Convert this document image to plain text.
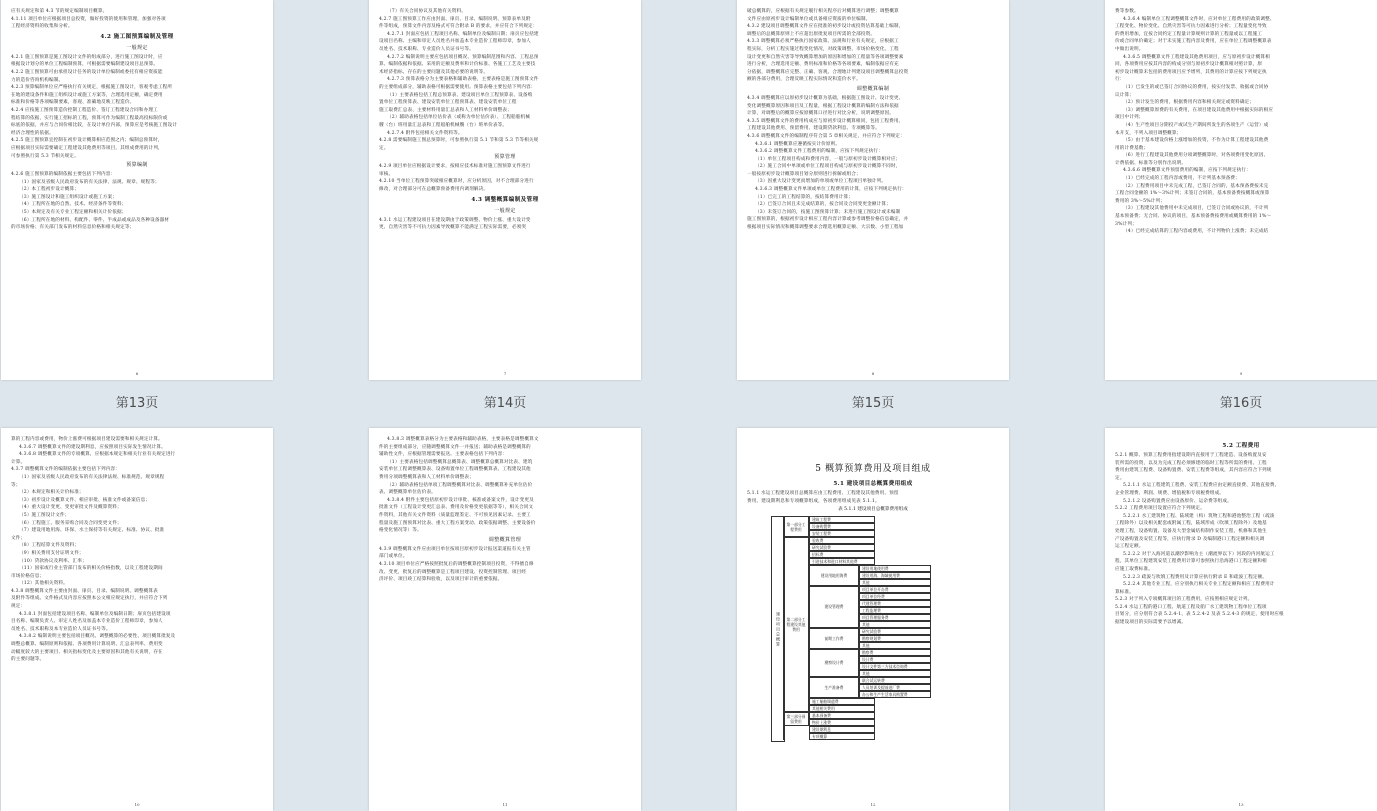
应有关规定和第 4.3 节的规定编制项目概算。
4.1.11 项目单位应根据项目总投资，做好投资的使用和管理，加强对各项
工程经济资料的收集和分析。
4.2 施工图预算编制及管理
一般规定
4.2.1 施工图预算是施工图设计文件的组成部分，进行施工图设计时，应
根据设计划分的单位工程编制预算，可根据需要编制建设项目总预算。
4.2.2 施工图预算可由承担设计任务的设计单位编制或委托有相应资质能
力的造价咨询机构编制。
4.2.3 预算编制单位应严格执行有关规定，根据施工图设计，客观考虑工程所
在地的建设条件和施工组织设计或施工方案等，合理选用定额，确定费用
标准和价格等各项编制要素，客观、准确地反映工程造价。
4.2.4 应按施工图预算造价控制工程造价、签订工程建设合同和办理工
程结算的依据，实行施工招标的工程，预算可作为编制工程最高投标限价或
标底的依据，并应与合同价相比较，在设计单位内部，预算应是考核施工图设计
经济合理性的依据。
4.2.5 施工图预算宜控制在初步设计概算相应范围之内；编制总预算时，
应根据项目实际需要确定工程建设其他费用等项目，其组成费用的计列，
可参照执行第 5.3 节相关规定。
预算编制
4.2.6 施工图预算的编制依据主要包括下列内容：
（1）国家及省级人民政府发布的有关法律、法规、规章、规程等；
（2）本工程初步设计概算；
（3）施工图设计和施工组织设计或施工方案；
（4）工程所在地的自然、技术、经济条件等资料；
（5）本规定及有关专业工程定额和相关计价依据；
（6）工程所在地的材料、构配件、零件、半成品或成品及各种设备器材
的市场价格；有关部门发布的材料信息价格和相关规定等；
6
第13页
（7）有关合同协议及其他有关资料。
4.2.7 施工图预算工作应由封面、扉页、目录、编制说明、预算表单及附
件等组成，预算文件内容及格式可符合附录 B 的要求，并应符合下列规定：
4.2.7.1 封面应包括工程项目名称、编制单位及编制日期；扉页应包括建
设项目名称、主编和审定人员姓名并加盖本专业造价工程师印章，参加人
员姓名、技术职称、专业造价人员证书号等。
4.2.7.2 编制说明主要应包括项目概况、预算编制范围和内容、工程总预
算、编制依据和依据、采用的定额及费率和计价标准、各施工工艺及主要技
术经济指标、存在的主要问题及其他必要的说明等。
4.2.7.3 预算表格分为主要表格和辅助表格，主要表格是施工图预算文件
的主要组成部分，辅助表格可根据需要使用。预算表格主要包括下列内容：
（1）主要表格包括工程总预算表、建设项目单位工程预算表、设备购
置单位工程预算表、建设安装单位工程预算表、建设安装单位工程
施工取费汇总表、主要材料用量汇总表和人工材料单价调整表；
（2）辅助表格包括单位估价表（或称为单位估价表）、工程船舶机械
艘（台）班用量汇总表和工程船舶机械艘（台）班单价表等。
4.2.7.4 附件包括相关文件资料等。
4.2.8 需要编制施工图总预算时，可参照执行第 5.1 节和第 5.3 节等相关规
定。
预算管理
4.2.9 项目单位应根据设计要求，按相应技术标准对施工图预算文件进行
审核。
4.2.10 当单位工程预算突破相应概算时，应分析原因，对不合理部分进行
修改，对合理部分可在总概算预备费用内调剂解决。
4.3 调整概算编制及管理
一般规定
4.3.1 水运工程建设项目在建设期由于政策调整、物价上涨、重大设计变
更、自然灾害等不可抗力因素导致概算不能满足工程实际需要，必须突
7
第14页
破总概算的，应根据有关规定履行相关程序后对概算进行调整；调整概算
文件应由原初步设计编制单位或具备相应资质的单位编制。
4.3.2 建设项目调整概算文件应在批准的初步设计或投资估算基础上编制，
调整后的总概算原则上不应超出原批复项目所需的全部投资。
4.3.3 调整概算必须严格执行国家政策、法规和行业有关规定，应根据工
程实际，分析工程实施过程变化情况，对政策调整、市场价格变化、工程
设计变更和自然灾害等导致概算增加的原因和增加的工程量等各项调整要素
进行分析，合理选用定额、费用标准和价格等各项要素，编制依据应有充
分依据，调整概算应完整、正确、客观、合理地计列建设项目调整概算总投资
额的各部分费用，合理反映工程实际情况和造价水平。
调整概算编制
4.3.4 调整概算应以原初步设计概算为基础，根据施工图设计、设计变更、
变化调整概算原因和项目及工程量，根据工程设计概算的编制方法和依据
计算，对调整后的概算应按原概算口径进行对比分析，说明调整原因。
4.3.5 调整概算文件的费用构成应与原初步设计概算相同，包括工程费用、
工程建设其他费用、预留费用、建设期贷款利息、专项概算等。
4.3.6 调整概算文件的编制程序符合第 5 章相关规定，并应符合下列规定：
4.3.6.1 调整概算应遵循按实计价原则。
4.3.6.2 调整概算文件工程费用的编制，应按下列规定执行：
（1）单位工程项目构成和费用内容，一般与原初步设计概算相对应；
（2）施工合同中单项或单位工程项目构成与原初步设计概算不同时，
一般按原初步设计概算项目划分原则进行拆解或组合；
（3）因重大设计变更而增加的单项或单位工程项目单独计列。
4.3.6.3 调整概算文件单项或单位工程费用的计算，应按下列规定执行：
（1）已完工的工程结算的，按结算费用计算；
（2）已签订合同且未完成结算的，按合同及合同变更金额计算；
（3）未签订合同的，按施工图预算计算；未进行施工图设计或未编制
施工图预算的，根据初步设计相应工程内容计算或参考调整价格信息确定，并
根据项目实际情况和概算调整要求合理选用概算定额、大宗数、小型工程加
8
第15页
费等参数。
4.3.6.4 编制单位工程调整概算文件时，应对单位工程费用的政策调整、
工程变化、物价变化、自然灾害等可抗力因素进行分析；工程量变化导致
的费用增加，宜按合同约定工程量计算规则计算的工程量或以工程施工
价或合同单价确定；对于未实施工程内容及费用，应在单位工程调整概算表
中做出说明。
4.3.6.5 调整概算文件工程建设其他费用项目，应与原初步设计概算相
同，各项费用应按其内容的构成分别与原初步设计概算相对照计算，原
初步设计概算未包括的费用项目应予增列，其费用的计算应按下列规定执
行：
（1）已发生的或已签订合同协议的费用，按实付发票、收据或合同协
议计算；
（2）预计发生的费用，根据费用内容和相关规定或资料确定；
（3）调整概算原费的有关费用，在项目建设其他费用中根据实际的相应
项目中计列；
（4）生产性项目分期投产或试生产期间所发生的各项生产（运营）成
本开支，不列入项目调整概算；
（5）由于基本建设价格上涨增加的投资，不作为计算工程建设其他费
用的计费基数；
（6）进行工程建设其他费用分项调整概算时，对各项费用变化原因、
计费依据、标准等分别作出说明。
4.3.6.6 调整概算文件预留费用的编制，应按下列规定执行：
（1）已经完成的工程内容或费用，不计列基本预备费；
（2）工程费用项目中未完成工程，已签订合同的，基本预备费按未完
工程合同金额的 1%～3%计列；未签订合同的，基本预备费按概算或预算
费用的 3%～5%计列；
（3）工程建设其他费用中未完成项目，已签订合同或协议的，不计列
基本预备费；无合同、协议的项目，基本预备费按费用或概算费用的 1%～
3%计列；
（4）已经完成结算的工程内容或费用，不计列物价上涨费；未完成结
9
第16页
算的工程内容或费用，物价上涨费可根据项目建设需要和相关规定计算。
4.3.6.7 调整概算文件的建设期利息，应按照项目实际发生情况计算。
4.3.6.8 调整概算文件的专项概算，应根据本规定和相关行业有关规定进行
计算。
4.3.7 调整概算文件的编制依据主要包括下列内容：
（1）国家及省级人民政府发布的有关法律法规、标准规范、规章规程
等；
（2）本规定和相关计价标准；
（3）初步设计及概算文件、相应审批、核准文件或备案信息；
（4）重大设计变更、变更审批文件及概算资料；
（5）施工图设计文件；
（6）工程施工、服务采购合同及合同变更文件；
（7）建设用地用海、环保、水土保持等有关规定、标准、协议、批准
文件；
（8）工程结算文件及资料；
（9）相关费用支付证明文件；
（10）贷款协议及利率、汇率；
（11）国家或行业主管部门发布的相关价格指数，以及工程建设期间
市场价格信息；
（12）其他相关资料。
4.3.8 调整概算文件主要由封面、扉页、目录、编制说明、调整概算表
及附件等组成。文件格式及内容应按照本公文相应规定执行，并应符合下列
规定：
4.3.8.1 封面包括建设项目名称、编制单位及编制日期；扉页包括建设项
目名称、编制负责人、审定人姓名及加盖本专业造价工程师印章，参加人
员姓名、技术职称及本专业造价人员证书号等。
4.3.8.2 编制说明主要包括项目概况、调整概算的必要性、项目概算批复及
调整总概算、编制原则和依据、各项费用计算说明、汇总表列率、费用变
动幅度较大的主要项目、相关指标变化及主要原因和其他有关说明，存在
的主要问题等。
10
4.3.8.3 调整概算表格分为主要表格和辅助表格，主要表格是调整概算文
件的主要组成部分，应随调整概算文件一并报送；辅助表格是调整概算的
辅助性文件，应根据管理需要报送。主要表格包括下列内容：
（1）主要表格包括调整概算总概算表、调整概算总概算对比表、建筑
安装单位工程调整概算表、设备购置单位工程调整概算表、工程建设其他
费用分项调整概算表和人工材料单价调整表；
（2）辅助表格包括单项工程调整概算对比表、调整概算补充单位估价
表、调整概算单位估价表。
4.3.8.4 附件主要包括原初步设计审批、核准或备案文件，设计变更及
批准文件（工程设计变更汇总表、费用及价格变更依据等等），相关合同文
件资料，其他有关文件资料（质量监理鉴定、不可预见因素记录、主要工
程量及施工图预算对比表、重大工程方案变动、政策依据调整、主要设备价
格变化情况等）等。
调整概算管理
4.3.9 调整概算文件应由项目单位按项目原初步设计报送渠道报有关主管
部门或单位。
4.3.10 项目单位应严格按照批复后的调整概算控制项目投资，不得擅自修
改、变更，批复后的调整概算是工程项目建设、投资控制管理、项目经
济评价、项目竣工结算和验收，以及项目审计的重要依据。
11
5 概算预算费用及项目组成
5.1 建设项目总概算费用组成
5.1.1 水运工程建设项目总概算应由工程费用、工程建设其他费用、预留
费用、建设期利息和专项概算组成，各项费用组成见表 5.1.1。
表 5.1.1 建设项目总概算费用组成
建设项目总概算
建筑工程费
设备购置费
安装工程费
第一部分工程费用
验收费
研究试验费
招标费
引进技术和进口材料其他费
建设用地使用费
建设用海、海域使用费
其他
建设用地用海费
项目单位开办费
项目单位经费
代建管理费
工程监理费
项目管理服务费
其他
建设管理费
研究试验费
勘察规划费
其他
前期工作费
勘察费
设计费
设计文件第三方技术咨询费
其他
勘察设计费
联合试运转费
人员培训及提前进厂费
办公和生产生活家具购置费
生产准备费
施工船舶调遣费
其他相关费用
第二部分工程建设其他费用
基本预备费
物价上涨费
第三部分预留费用
建设期利息
专项概算
12
5.2 工程费用
5.2.1 概算、预算工程费用指建设期内直接用于工程建造、设备购置及安
装所需的投资，以及为完成工程必须修建的临时工程等所需的费用。工程
费用由建筑工程费、设备购置费、安装工程费等组成，其内容应符合下列规
定。
5.2.1.1 水运工程建筑工程费、安装工程费应由定额直接费、其他直接费、
企业管理费、利润、规费、增值税和专项税费组成。
5.2.1.2 设备购置费应由设备原价、运杂费等组成。
5.2.2 工程费用项目设置应符合下列规定。
5.2.2.1 水工建筑物工程、陆域建（构）筑物工程和港池整治工程（疏浚
工程除外）以及相关配套或附属工程，陆域形成（吹填工程除外）及地基
处理工程，设备购置、设备及大型金属结构制作安装工程，机修和其他生
产设备购置及安装工程等，应执行附录 D 及编制港口工程定额和相关调
运工程定额。
5.2.2.2 对于入海河道以潮汐影响为主（潮流界以下）河段的内河航运工
程，其单位工程建筑安装工程费用计算可参照执行沿海港口工程定额和相
应施工取费标准。
5.2.2.3 疏浚与吹填工程费用及计算应执行附录 E 和疏浚工程定额。
5.2.2.4 其他专业工程，应分别执行相关专业工程定额和相应工程费用计
算标准。
5.2.3 对于列入专项概算项目的工程费用，应按照相应规定计列。
5.2.4 水运工程的港口工程、航道工程及船厂水工建筑物工程单位工程项
目划分，应分别符合表 5.2.4-1、表 5.2.4-2 及表 5.2.4-3 的规定，使用时应根
据建设项目的实际需要予以增减。
13
